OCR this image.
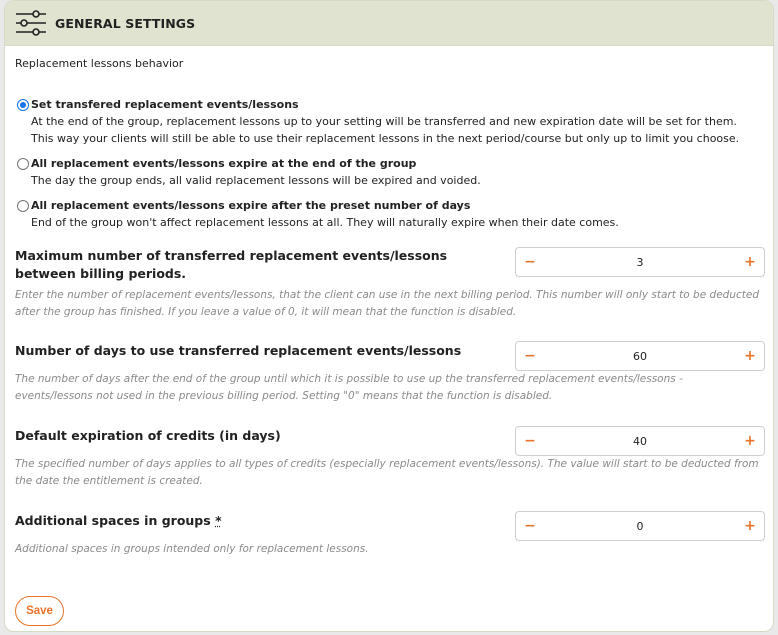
GENERAL SETTINGS
Replacement lessons behavior
Set transfered replacement events/lessons
At the end of the group, replacement lessons up to your setting will be transferred and new expiration date will be set for them. This way your clients will still be able to use their replacement lessons in the next period/course but only up to limit you choose.
All replacement events/lessons expire at the end of the group
The day the group ends, all valid replacement lessons will be expired and voided.
All replacement events/lessons expire after the preset number of days
End of the group won't affect replacement lessons at all. They will naturally expire when their date comes.
Maximum number of transferred replacement events/lessons between billing periods.
Enter the number of replacement events/lessons, that the client can use in the next billing period. This number will only start to be deducted after the group has finished. If you leave a value of 0, it will mean that the function is disabled.
−	3	+
Number of days to use transferred replacement events/lessons
The number of days after the end of the group until which it is possible to use up the transferred replacement events/lessons - events/lessons not used in the previous billing period. Setting "0" means that the function is disabled.
−	60	+
Default expiration of credits (in days)
The specified number of days applies to all types of credits (especially replacement events/lessons). The value will start to be deducted from the date the entitlement is created.
−	40	+
Additional spaces in groups *
Additional spaces in groups intended only for replacement lessons.
−	0	+
Save
